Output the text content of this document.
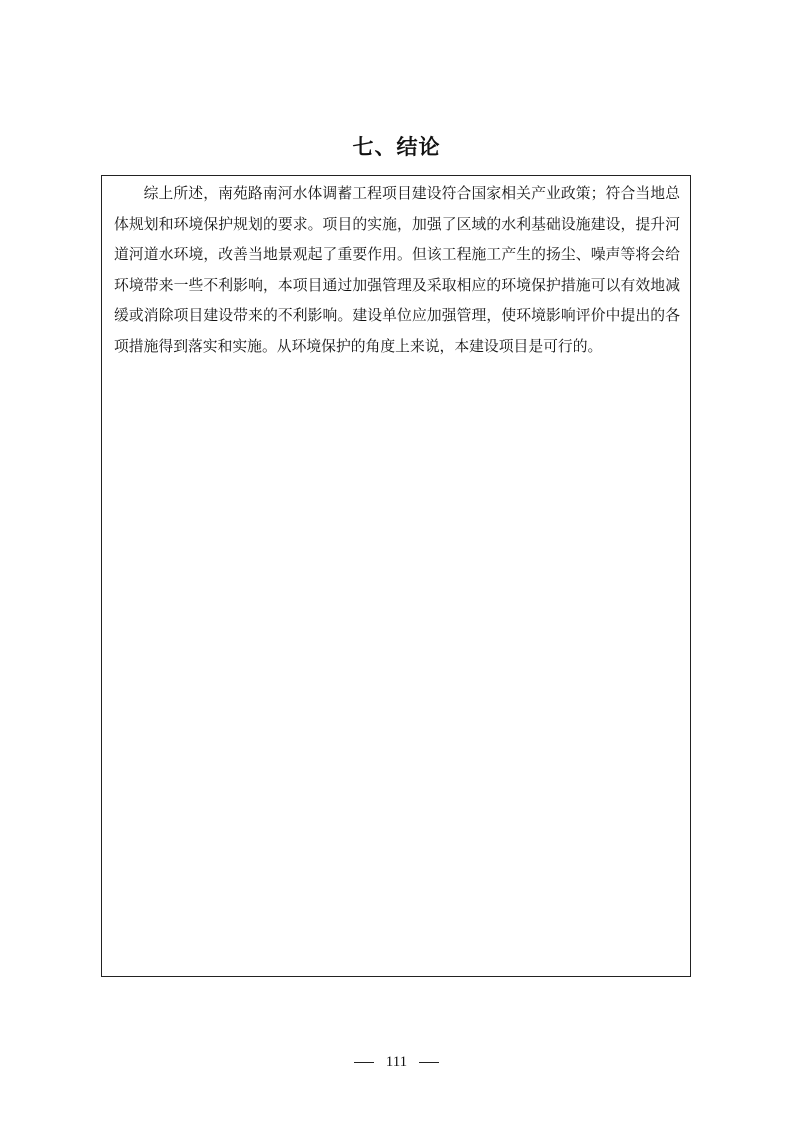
七、结论

综上所述，南苑路南河水体调蓄工程项目建设符合国家相关产业政策；符合当地总体规划和环境保护规划的要求。项目的实施，加强了区域的水利基础设施建设，提升河道河道水环境，改善当地景观起了重要作用。但该工程施工产生的扬尘、噪声等将会给环境带来一些不利影响，本项目通过加强管理及采取相应的环境保护措施可以有效地减缓或消除项目建设带来的不利影响。建设单位应加强管理，使环境影响评价中提出的各项措施得到落实和实施。从环境保护的角度上来说，本建设项目是可行的。

111
